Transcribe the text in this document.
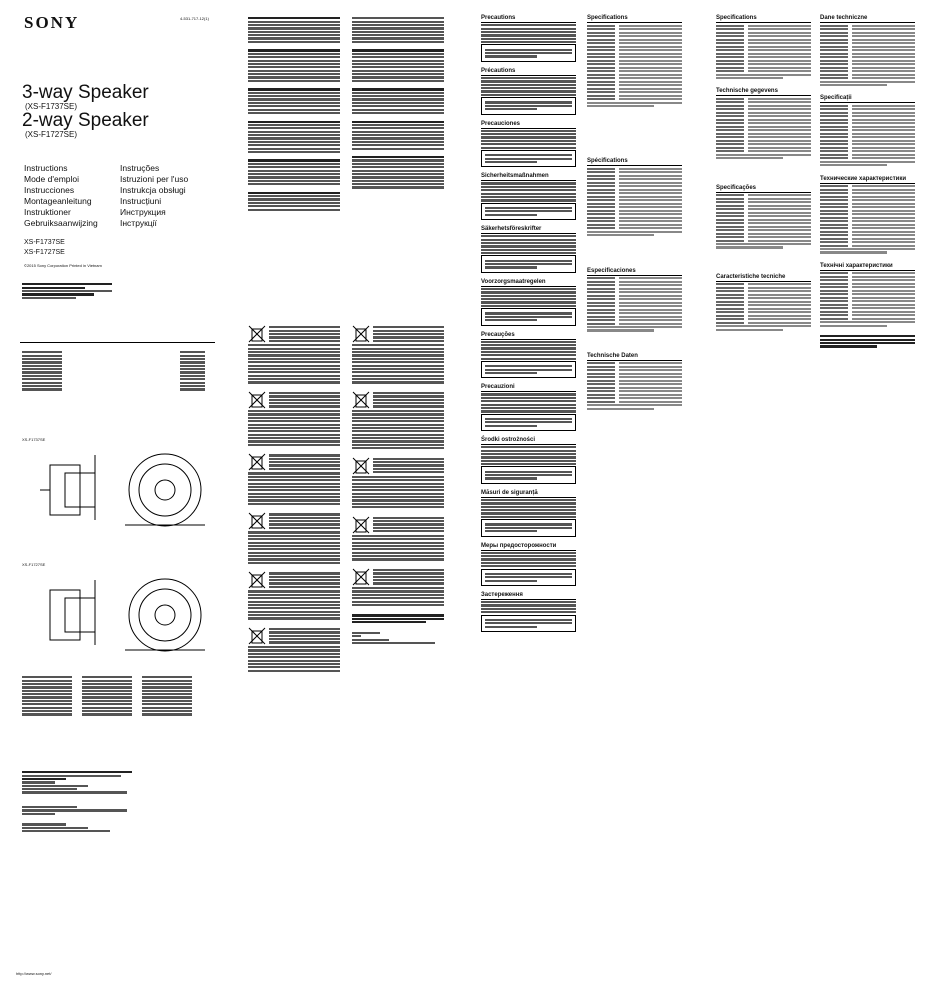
SONY	4-531-717-12(1)
3-way Speaker
(XS-F1737SE)
2-way Speaker
(XS-F1727SE)
Instructions
Mode d'emploi
Instrucciones
Montageanleitung
Instruktioner
Gebruiksaanwijzing
Instruções
Istruzioni per l'uso
Instrukcja obsługi
Instrucțiuni
Инструкция
Інструкції
XS-F1737SE
XS-F1727SE
©2015 Sony Corporation Printed in Vietnam
XS-F1737SE
XS-F1727SE
http://www.sony.net/
Precautions
Précautions
Precauciones
Sicherheitsmaßnahmen
Säkerhetsföreskrifter
Voorzorgsmaatregelen
Precauções
Precauzioni
Środki ostrożności
Măsuri de siguranță
Меры предосторожности
Застереження
Specifications
Spécifications
Especificaciones
Technische Daten
Specifications
Technische gegevens
Specificações
Caracteristiche tecniche
Dane techniczne
Specificații
Технические характеристики
Технічні характеристики
